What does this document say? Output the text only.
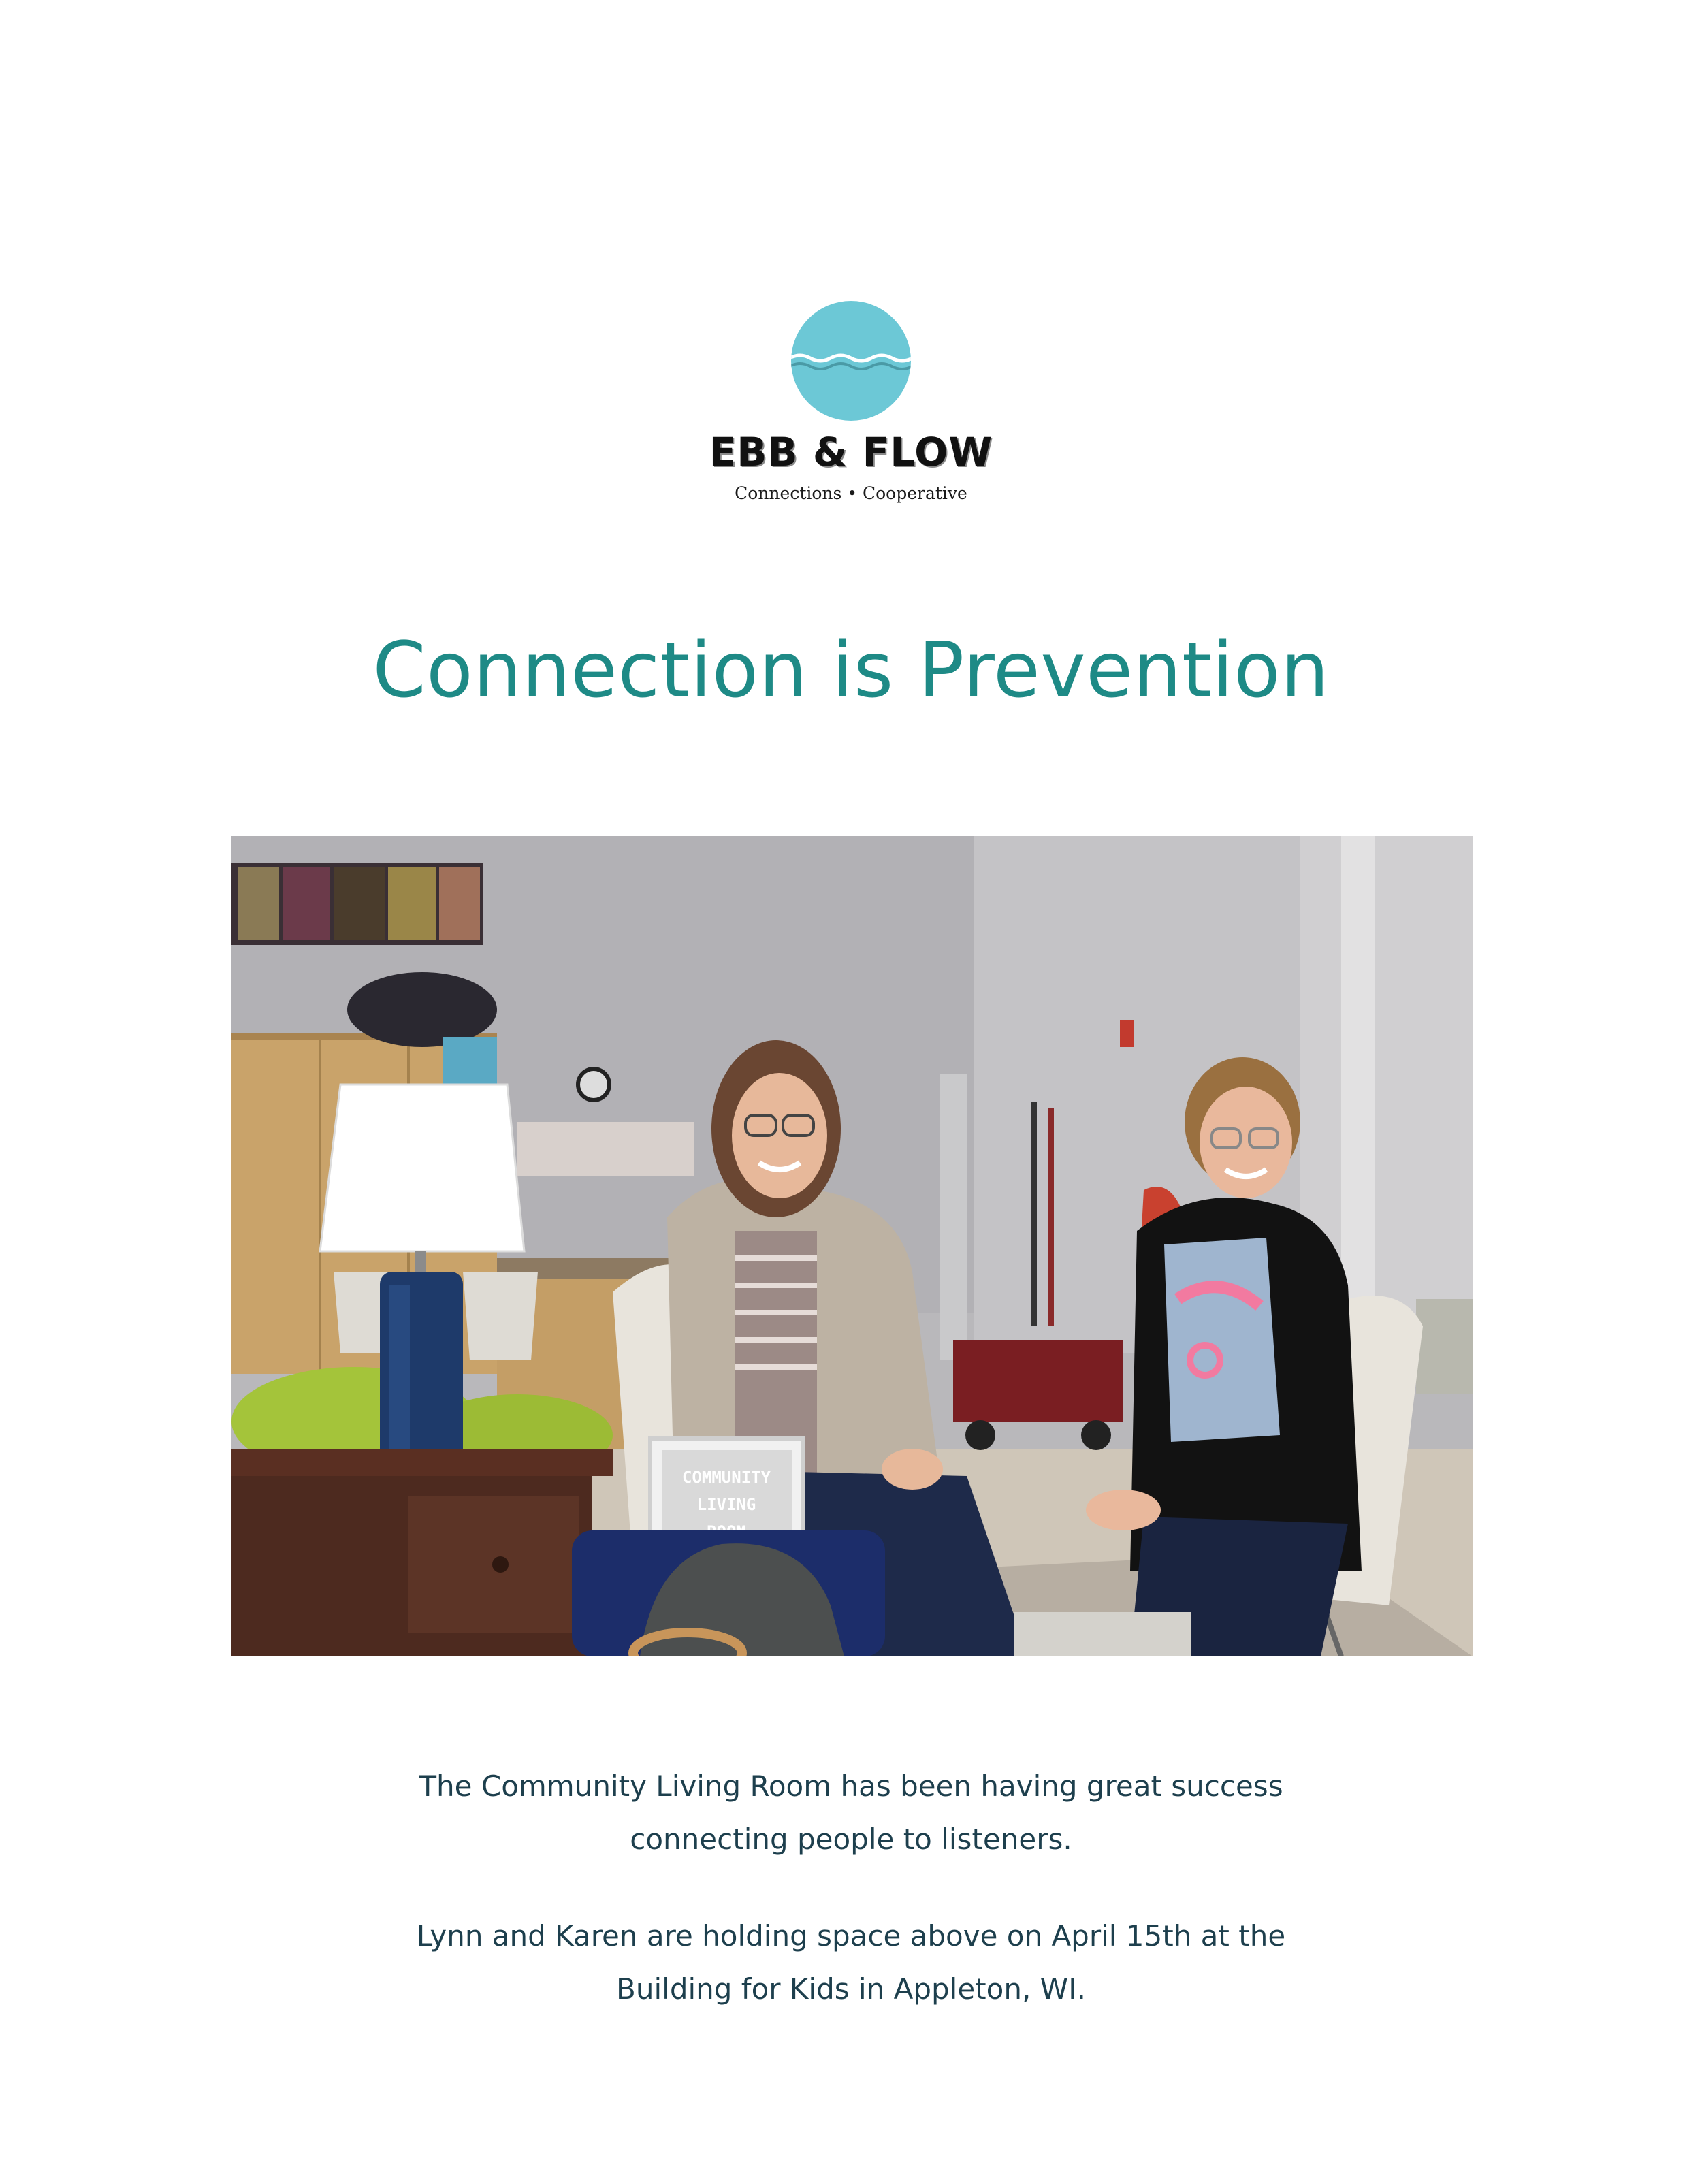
EBB & FLOW
Connections • Cooperative
Connection is Prevention
COMMUNITY
LIVING

The Community Living Room has been having great success
connecting people to listeners.

Lynn and Karen are holding space above on April 15th at the
Building for Kids in Appleton, WI.
